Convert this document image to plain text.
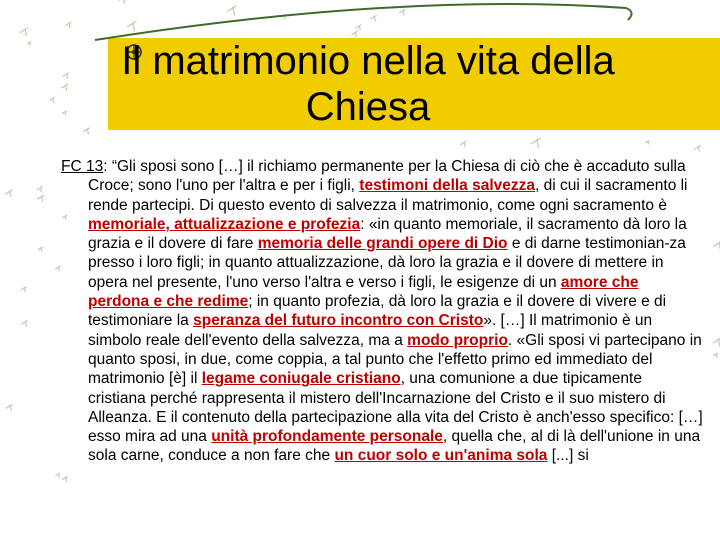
Il matrimonio nella vita della Chiesa

FC 13: “Gli sposi sono […] il richiamo permanente per la Chiesa di ciò che è accaduto sulla Croce; sono l'uno per l'altra e per i figli, testimoni della salvezza, di cui il sacramento li rende partecipi. Di questo evento di salvezza il matrimonio, come ogni sacramento è memoriale, attualizzazione e profezia: «in quanto memoriale, il sacramento dà loro la grazia e il dovere di fare memoria delle grandi opere di Dio e di darne testimonian-za presso i loro figli; in quanto attualizzazione, dà loro la grazia e il dovere di mettere in opera nel presente, l'uno verso l'altra e verso i figli, le esigenze di un amore che perdona e che redime; in quanto profezia, dà loro la grazia e il dovere di vivere e di testimoniare la speranza del futuro incontro con Cristo». […] Il matrimonio è un simbolo reale dell'evento della salvezza, ma a modo proprio. «Gli sposi vi partecipano in quanto sposi, in due, come coppia, a tal punto che l'effetto primo ed immediato del matrimonio [è] il legame coniugale cristiano, una comunione a due tipicamente cristiana perché rappresenta il mistero dell'Incarnazione del Cristo e il suo mistero di Alleanza. E il contenuto della partecipazione alla vita del Cristo è anch'esso specifico: […] esso mira ad una unità profondamente personale, quella che, al di là dell'unione in una sola carne, conduce a non fare che un cuor solo e un'anima sola [...] si
